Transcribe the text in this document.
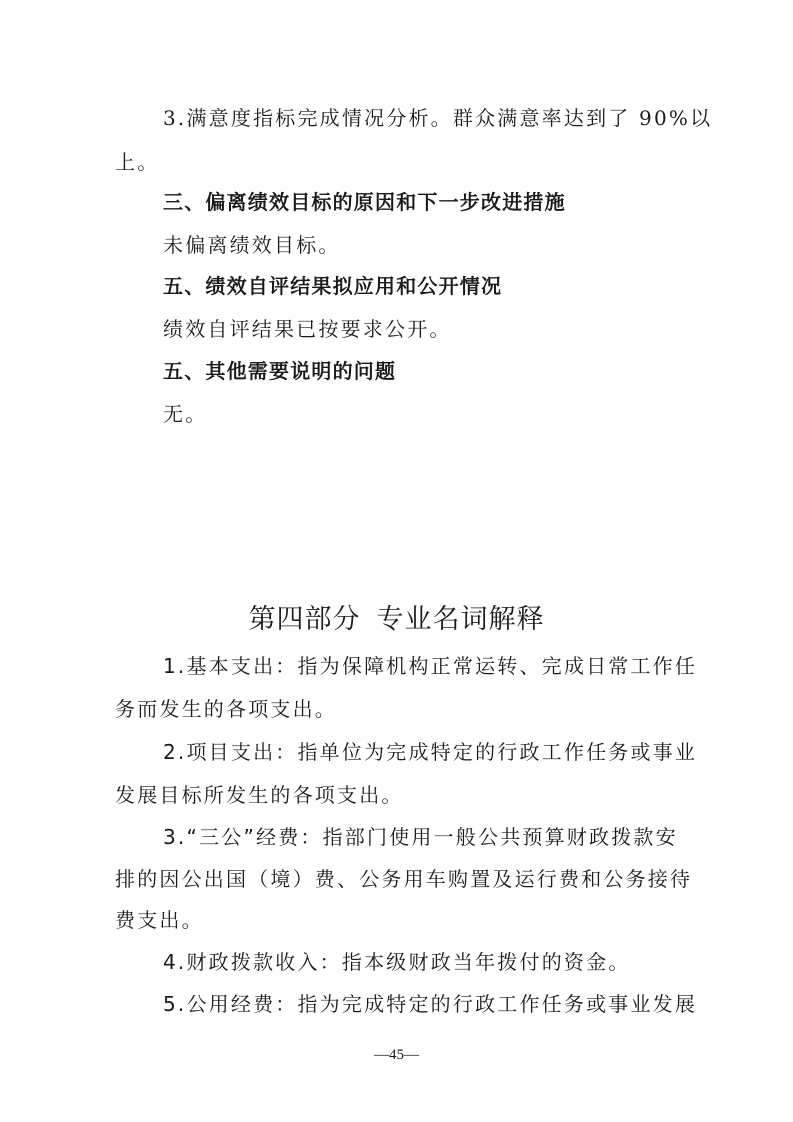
3.满意度指标完成情况分析。群众满意率达到了 90%以
上。
三、偏离绩效目标的原因和下一步改进措施
未偏离绩效目标。
五、绩效自评结果拟应用和公开情况
绩效自评结果已按要求公开。
五、其他需要说明的问题
无。
第四部分 专业名词解释
1.基本支出：指为保障机构正常运转、完成日常工作任
务而发生的各项支出。
2.项目支出：指单位为完成特定的行政工作任务或事业
发展目标所发生的各项支出。
3.“三公”经费：指部门使用一般公共预算财政拨款安
排的因公出国（境）费、公务用车购置及运行费和公务接待
费支出。
4.财政拨款收入：指本级财政当年拨付的资金。
5.公用经费：指为完成特定的行政工作任务或事业发展
—45—
